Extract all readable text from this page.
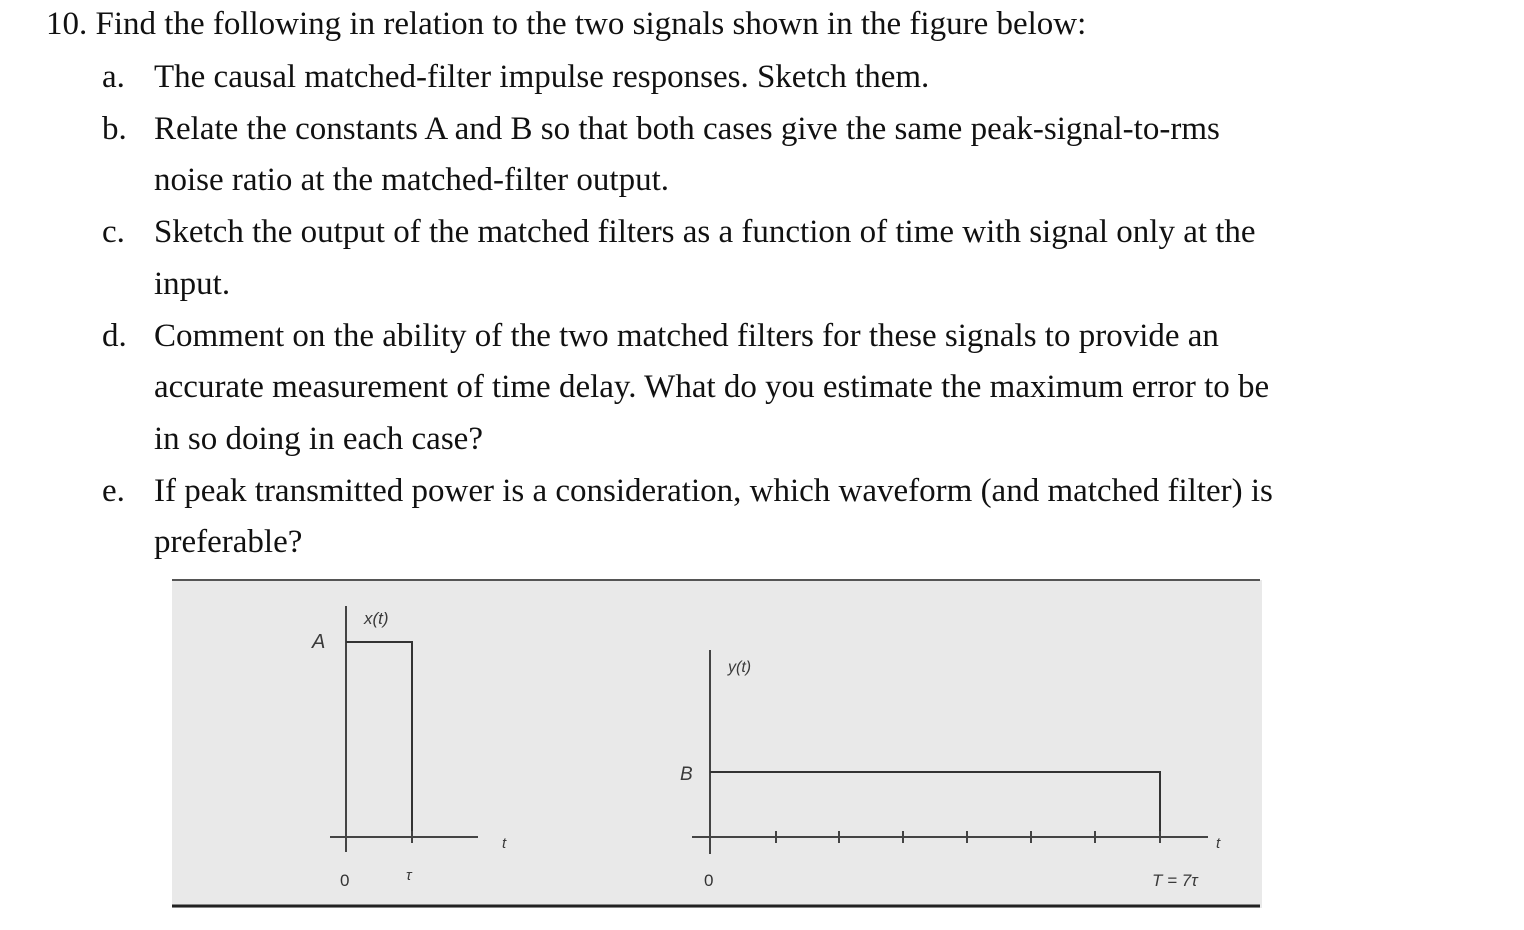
10. Find the following in relation to the two signals shown in the figure below:
a. The causal matched-filter impulse responses. Sketch them.
b. Relate the constants A and B so that both cases give the same peak-signal-to-rms
noise ratio at the matched-filter output.
c. Sketch the output of the matched filters as a function of time with signal only at the
input.
d. Comment on the ability of the two matched filters for these signals to provide an
accurate measurement of time delay. What do you estimate the maximum error to be
in so doing in each case?
e. If peak transmitted power is a consideration, which waveform (and matched filter) is
preferable?
x(t)
A
t
0	τ
y(t)
B
t
0	T = 7τ
